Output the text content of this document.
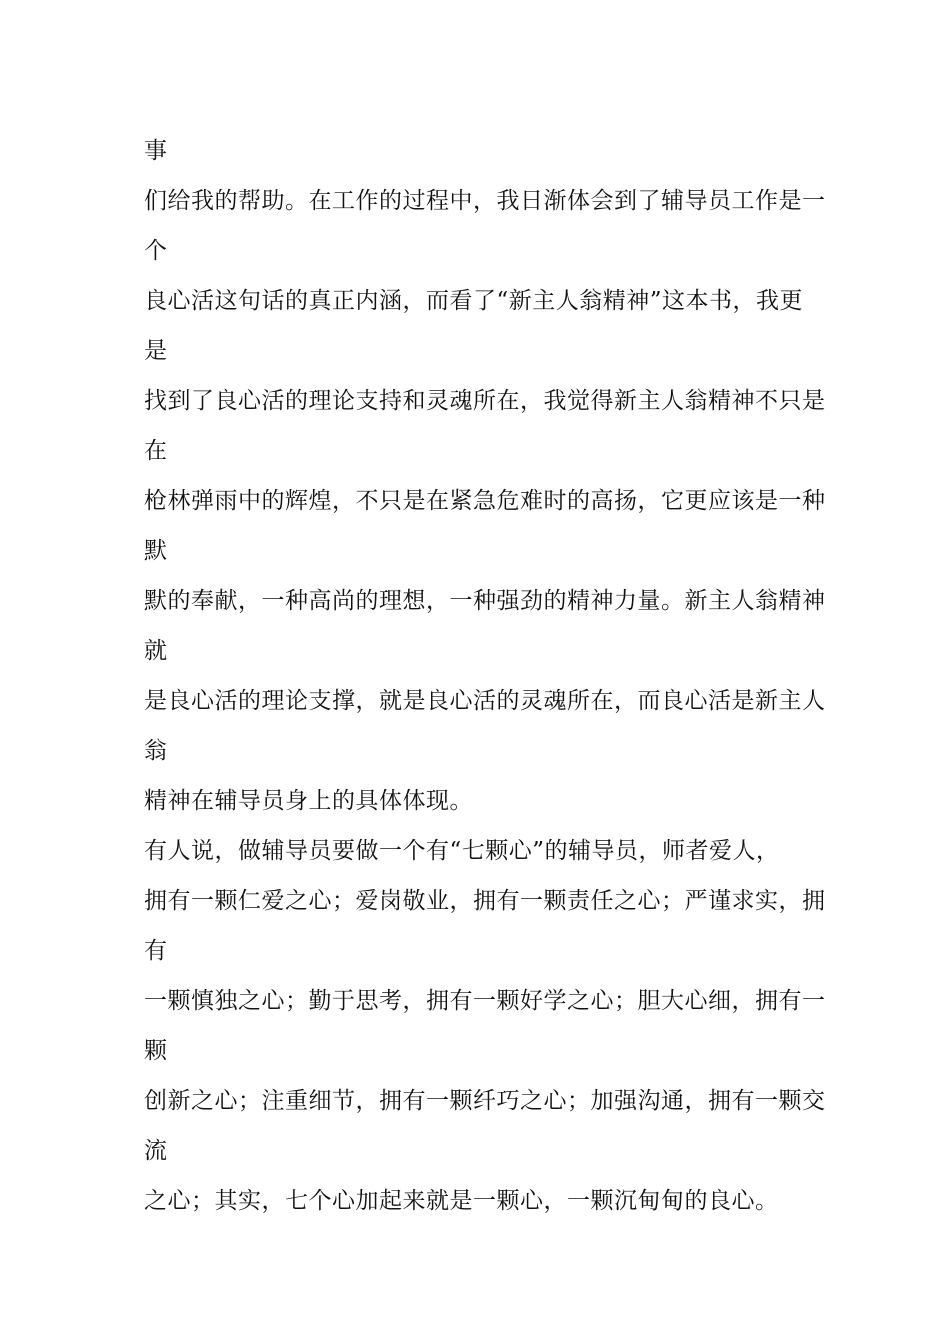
事
们给我的帮助。在工作的过程中，我日渐体会到了辅导员工作是一
个
良心活这句话的真正内涵，而看了“新主人翁精神”这本书，我更
是
找到了良心活的理论支持和灵魂所在，我觉得新主人翁精神不只是
在
枪林弹雨中的辉煌，不只是在紧急危难时的高扬，它更应该是一种
默
默的奉献，一种高尚的理想，一种强劲的精神力量。新主人翁精神
就
是良心活的理论支撑，就是良心活的灵魂所在，而良心活是新主人
翁
精神在辅导员身上的具体体现。
有人说，做辅导员要做一个有“七颗心”的辅导员，师者爱人，
拥有一颗仁爱之心；爱岗敬业，拥有一颗责任之心；严谨求实，拥
有
一颗慎独之心；勤于思考，拥有一颗好学之心；胆大心细，拥有一
颗
创新之心；注重细节，拥有一颗纤巧之心；加强沟通，拥有一颗交
流
之心；其实，七个心加起来就是一颗心，一颗沉甸甸的良心。
